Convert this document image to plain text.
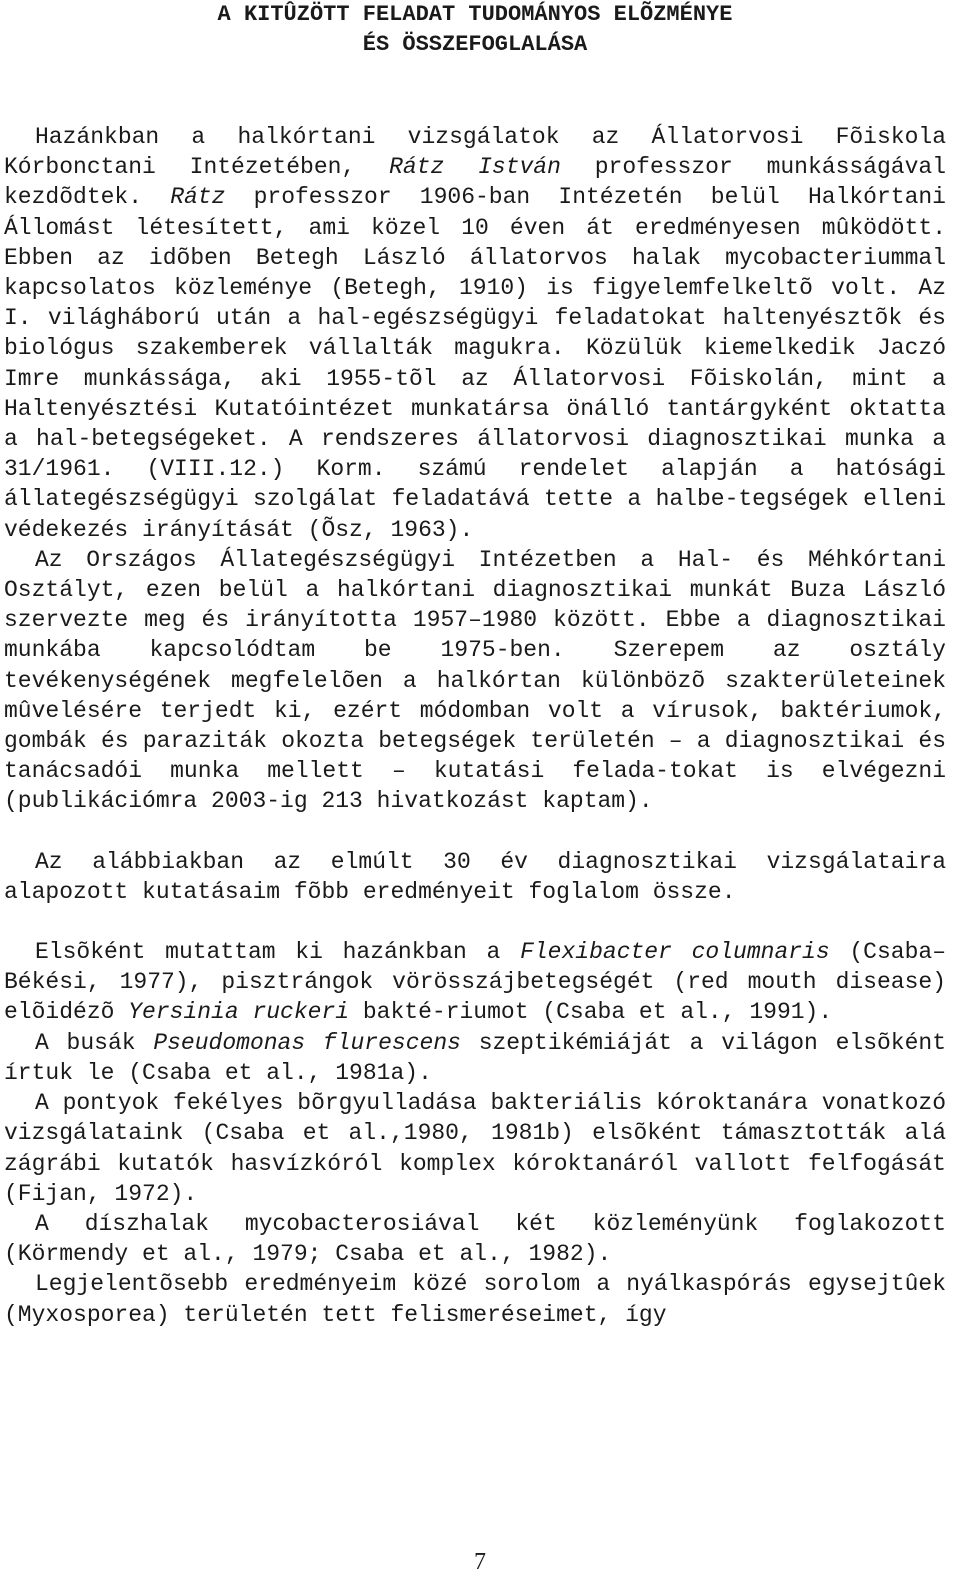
A KITÛZÖTT FELADAT TUDOMÁNYOS ELÕZMÉNYE
ÉS ÖSSZEFOGLALÁSA

Hazánkban a halkórtani vizsgálatok az Állatorvosi Fõiskola Kórbonctani Intézetében, Rátz István professzor munkásságával kezdõdtek. Rátz professzor 1906-ban Intézetén belül Halkórtani Állomást létesített, ami közel 10 éven át eredményesen mûködött. Ebben az idõben Betegh László állatorvos halak mycobacteriummal kapcsolatos közleménye (Betegh, 1910) is figyelemfelkeltõ volt. Az I. világháború után a hal-egészségügyi feladatokat haltenyésztõk és biológus szakemberek vállalták magukra. Közülük kiemelkedik Jaczó Imre munkássága, aki 1955-tõl az Állatorvosi Fõiskolán, mint a Haltenyésztési Kutatóintézet munkatársa önálló tantárgyként oktatta a hal-betegségeket. A rendszeres állatorvosi diagnosztikai munka a 31/1961. (VIII.12.) Korm. számú rendelet alapján a hatósági állategészségügyi szolgálat feladatává tette a halbe-tegségek elleni védekezés irányítását (Õsz, 1963).

Az Országos Állategészségügyi Intézetben a Hal- és Méhkórtani Osztályt, ezen belül a halkórtani diagnosztikai munkát Buza László szervezte meg és irányította 1957–1980 között. Ebbe a diagnosztikai munkába kapcsolódtam be 1975-ben. Szerepem az osztály tevékenységének megfelelõen a halkórtan különbözõ szakterületeinek mûvelésére terjedt ki, ezért módomban volt a vírusok, baktériumok, gombák és paraziták okozta betegségek területén – a diagnosztikai és tanácsadói munka mellett – kutatási felada-tokat is elvégezni (publikációmra 2003-ig 213 hivatkozást kaptam).

Az alábbiakban az elmúlt 30 év diagnosztikai vizsgálataira alapozott kutatásaim fõbb eredményeit foglalom össze.

Elsõként mutattam ki hazánkban a Flexibacter columnaris (Csaba–Békési, 1977), pisztrángok vörösszájbetegségét (red mouth disease) elõidézõ Yersinia ruckeri bakté-riumot (Csaba et al., 1991).

A busák Pseudomonas flurescens szeptikémiáját a világon elsõként írtuk le (Csaba et al., 1981a).

A pontyok fekélyes bõrgyulladása bakteriális kóroktanára vonatkozó vizsgálataink (Csaba et al.,1980, 1981b) elsõként támasztották alá zágrábi kutatók hasvízkóról komplex kóroktanáról vallott felfogását (Fijan, 1972).

A díszhalak mycobacterosiával két közleményünk foglakozott (Körmendy et al., 1979; Csaba et al., 1982).

Legjelentõsebb eredményeim közé sorolom a nyálkaspórás egysejtûek (Myxosporea) területén tett felismeréseimet, így

7
